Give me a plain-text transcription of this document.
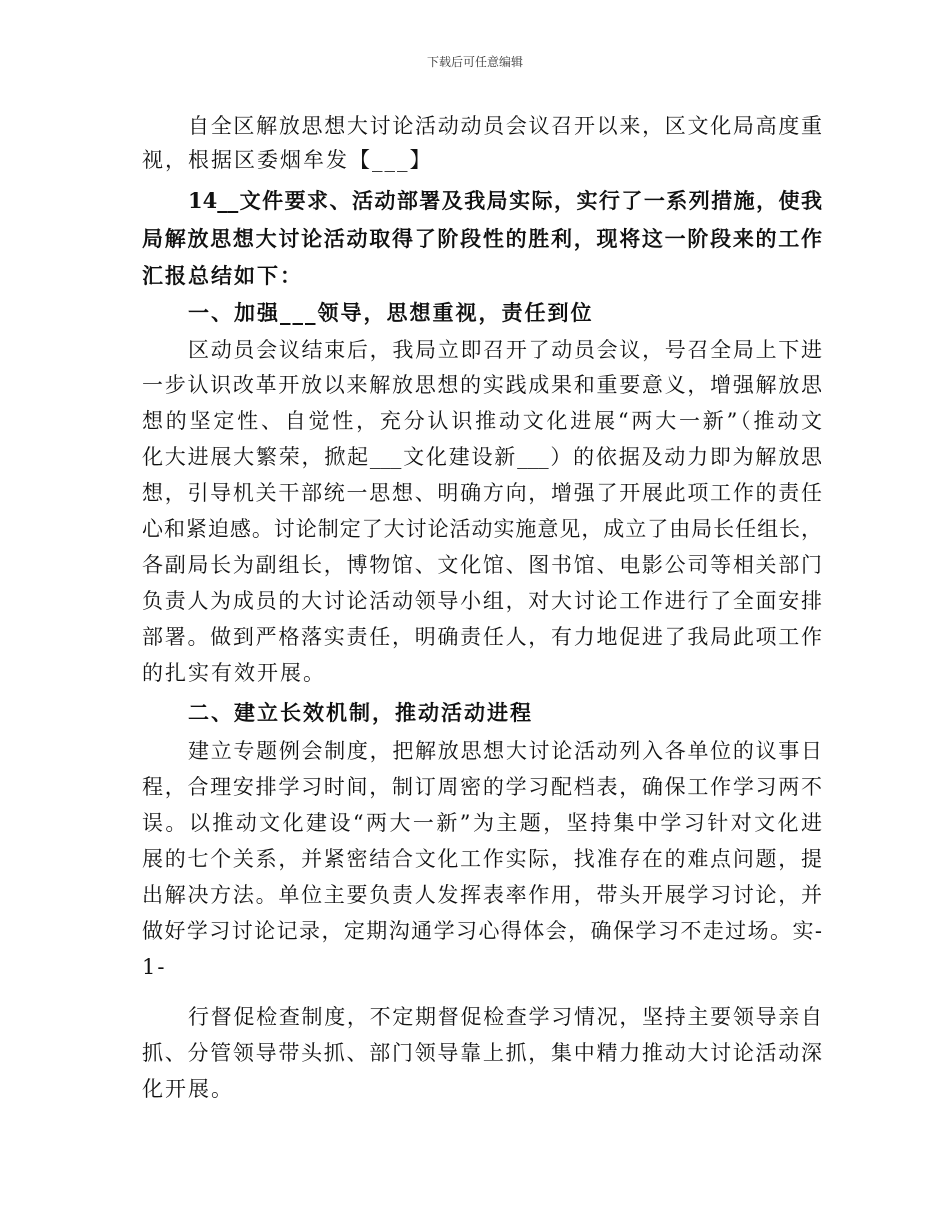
下载后可任意编辑
自全区解放思想大讨论活动动员会议召开以来，区文化局高度重
视，根据区委烟牟发【___】
14__文件要求、活动部署及我局实际，实行了一系列措施，使我
局解放思想大讨论活动取得了阶段性的胜利，现将这一阶段来的工作
汇报总结如下：
一、加强___领导，思想重视，责任到位
区动员会议结束后，我局立即召开了动员会议，号召全局上下进
一步认识改革开放以来解放思想的实践成果和重要意义，增强解放思
想的坚定性、自觉性，充分认识推动文化进展“两大一新”（推动文
化大进展大繁荣，掀起___文化建设新___）的依据及动力即为解放思
想，引导机关干部统一思想、明确方向，增强了开展此项工作的责任
心和紧迫感。讨论制定了大讨论活动实施意见，成立了由局长任组长，
各副局长为副组长，博物馆、文化馆、图书馆、电影公司等相关部门
负责人为成员的大讨论活动领导小组，对大讨论工作进行了全面安排
部署。做到严格落实责任，明确责任人，有力地促进了我局此项工作
的扎实有效开展。
二、建立长效机制，推动活动进程
建立专题例会制度，把解放思想大讨论活动列入各单位的议事日
程，合理安排学习时间，制订周密的学习配档表，确保工作学习两不
误。以推动文化建设“两大一新”为主题，坚持集中学习针对文化进
展的七个关系，并紧密结合文化工作实际，找准存在的难点问题，提
出解决方法。单位主要负责人发挥表率作用，带头开展学习讨论，并
做好学习讨论记录，定期沟通学习心得体会，确保学习不走过场。实-
1-
行督促检查制度，不定期督促检查学习情况，坚持主要领导亲自
抓、分管领导带头抓、部门领导靠上抓，集中精力推动大讨论活动深
化开展。
